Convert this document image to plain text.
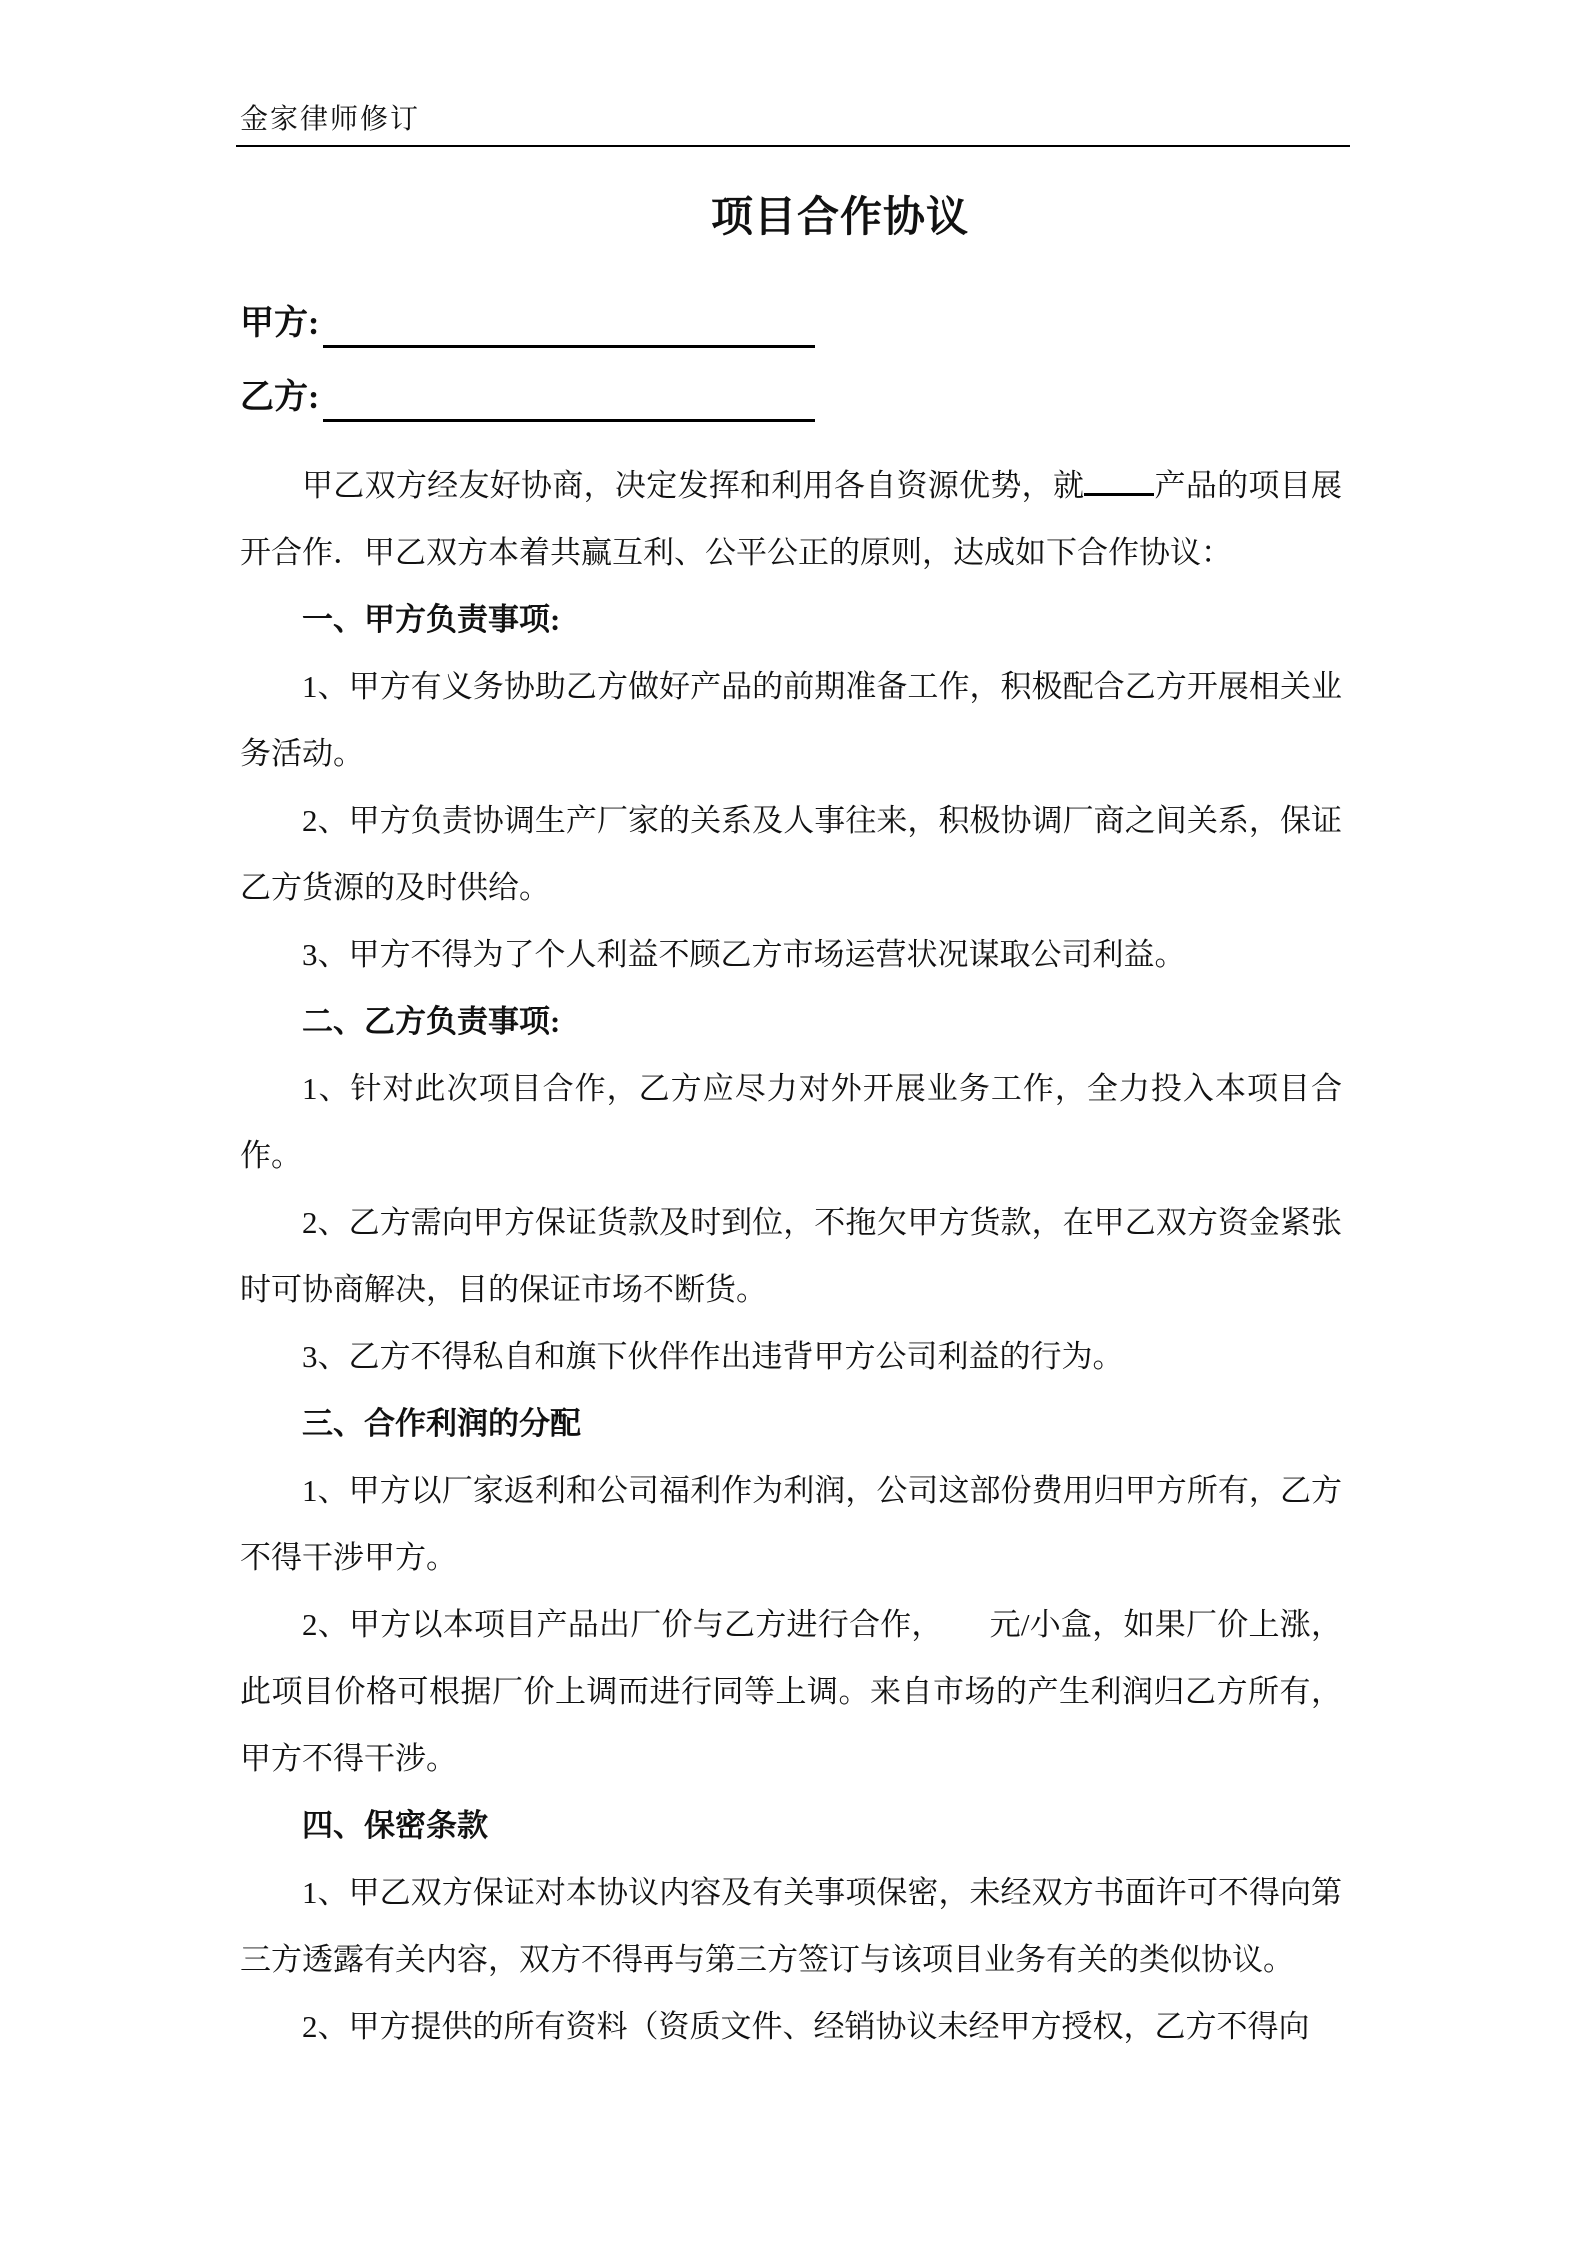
金家律师修订
项目合作协议
甲方:
乙方:

甲乙双方经友好协商，决定发挥和利用各自资源优势，就 产品的项目展开合作．甲乙双方本着共赢互利、公平公正的原则，达成如下合作协议：

一、甲方负责事项:

1、甲方有义务协助乙方做好产品的前期准备工作，积极配合乙方开展相关业务活动。

2、甲方负责协调生产厂家的关系及人事往来，积极协调厂商之间关系，保证乙方货源的及时供给。

3、甲方不得为了个人利益不顾乙方市场运营状况谋取公司利益。

二、乙方负责事项:

1、针对此次项目合作，乙方应尽力对外开展业务工作，全力投入本项目合作。

2、乙方需向甲方保证货款及时到位，不拖欠甲方货款，在甲乙双方资金紧张时可协商解决，目的保证市场不断货。

3、乙方不得私自和旗下伙伴作出违背甲方公司利益的行为。

三、合作利润的分配

1、甲方以厂家返利和公司福利作为利润，公司这部份费用归甲方所有，乙方不得干涉甲方。

2、甲方以本项目产品出厂价与乙方进行合作，　　元/小盒，如果厂价上涨，此项目价格可根据厂价上调而进行同等上调。来自市场的产生利润归乙方所有，甲方不得干涉。

四、保密条款

1、甲乙双方保证对本协议内容及有关事项保密，未经双方书面许可不得向第三方透露有关内容，双方不得再与第三方签订与该项目业务有关的类似协议。

2、甲方提供的所有资料（资质文件、经销协议未经甲方授权，乙方不得向
